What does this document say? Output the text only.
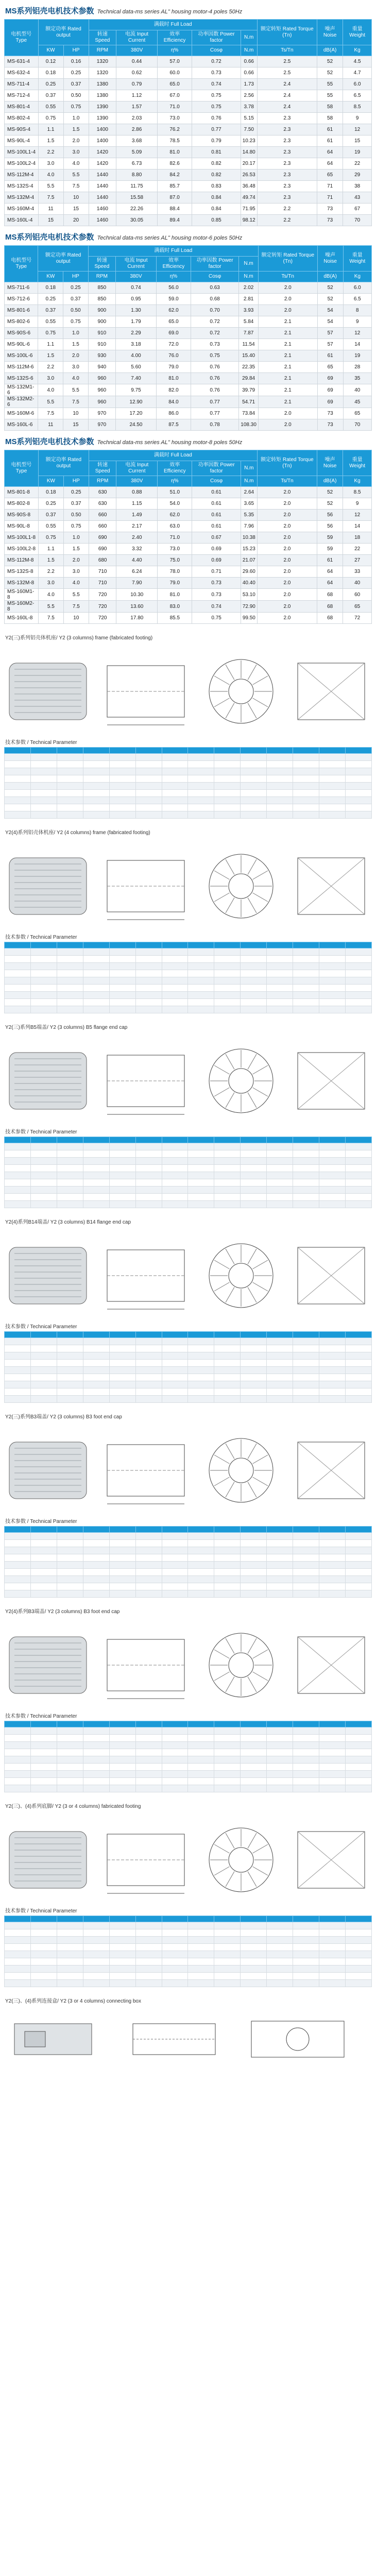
MS系列铝壳电机技术参数 Technical data-ms series AL" housing motor-4 poles 50Hz
电机型号 Type	额定功率 Rated output		满载时 Full Load					额定转矩 Rated Torque (Tn)	噪声 Noise	重量 Weight
			转速 Speed	电流 Input Current	效率 Efficiency	功率因数 Power factor	N.m			
	KW	HP	RPM	380V	η%	Cosφ	N.m	Ts/Tn	dB(A)	Kg
MS-631-4	0.12	0.16	1320	0.44	57.0	0.72	0.66	2.5	52	4.5
MS-632-4	0.18	0.25	1320	0.62	60.0	0.73	0.66	2.5	52	4.7
MS-711-4	0.25	0.37	1380	0.79	65.0	0.74	1.73	2.4	55	6.0
MS-712-4	0.37	0.50	1380	1.12	67.0	0.75	2.56	2.4	55	6.5
MS-801-4	0.55	0.75	1390	1.57	71.0	0.75	3.78	2.4	58	8.5
MS-802-4	0.75	1.0	1390	2.03	73.0	0.76	5.15	2.3	58	9
MS-90S-4	1.1	1.5	1400	2.86	76.2	0.77	7.50	2.3	61	12
MS-90L-4	1.5	2.0	1400	3.68	78.5	0.79	10.23	2.3	61	15
MS-100L1-4	2.2	3.0	1420	5.09	81.0	0.81	14.80	2.3	64	19
MS-100L2-4	3.0	4.0	1420	6.73	82.6	0.82	20.17	2.3	64	22
MS-112M-4	4.0	5.5	1440	8.80	84.2	0.82	26.53	2.3	65	29
MS-132S-4	5.5	7.5	1440	11.75	85.7	0.83	36.48	2.3	71	38
MS-132M-4	7.5	10	1440	15.58	87.0	0.84	49.74	2.3	71	43
MS-160M-4	11	15	1460	22.26	88.4	0.84	71.95	2.2	73	67
MS-160L-4	15	20	1460	30.05	89.4	0.85	98.12	2.2	73	70
MS系列铝壳电机技术参数 Technical data-ms series AL" housing motor-6 poles 50Hz
电机型号 Type	额定功率 Rated output		满载时 Full Load					额定转矩 Rated Torque (Tn)	噪声 Noise	重量 Weight
			转速 Speed	电流 Input Current	效率 Efficiency	功率因数 Power factor	N.m			
	KW	HP	RPM	380V	η%	Cosφ	N.m	Ts/Tn	dB(A)	Kg
MS-711-6	0.18	0.25	850	0.74	56.0	0.63	2.02	2.0	52	6.0
MS-712-6	0.25	0.37	850	0.95	59.0	0.68	2.81	2.0	52	6.5
MS-801-6	0.37	0.50	900	1.30	62.0	0.70	3.93	2.0	54	8
MS-802-6	0.55	0.75	900	1.79	65.0	0.72	5.84	2.1	54	9
MS-90S-6	0.75	1.0	910	2.29	69.0	0.72	7.87	2.1	57	12
MS-90L-6	1.1	1.5	910	3.18	72.0	0.73	11.54	2.1	57	14
MS-100L-6	1.5	2.0	930	4.00	76.0	0.75	15.40	2.1	61	19
MS-112M-6	2.2	3.0	940	5.60	79.0	0.76	22.35	2.1	65	28
MS-132S-6	3.0	4.0	960	7.40	81.0	0.76	29.84	2.1	69	35
MS-132M1-6	4.0	5.5	960	9.75	82.0	0.76	39.79	2.1	69	40
MS-132M2-6	5.5	7.5	960	12.90	84.0	0.77	54.71	2.1	69	45
MS-160M-6	7.5	10	970	17.20	86.0	0.77	73.84	2.0	73	65
MS-160L-6	11	15	970	24.50	87.5	0.78	108.30	2.0	73	70
MS系列铝壳电机技术参数 Technical data-ms series AL" housing motor-8 poles 50Hz
电机型号 Type	额定功率 Rated output		满载时 Full Load					额定转矩 Rated Torque (Tn)	噪声 Noise	重量 Weight
			转速 Speed	电流 Input Current	效率 Efficiency	功率因数 Power factor	N.m			
	KW	HP	RPM	380V	η%	Cosφ	N.m	Ts/Tn	dB(A)	Kg
MS-801-8	0.18	0.25	630	0.88	51.0	0.61	2.64	2.0	52	8.5
MS-802-8	0.25	0.37	630	1.15	54.0	0.61	3.65	2.0	52	9
MS-90S-8	0.37	0.50	660	1.49	62.0	0.61	5.35	2.0	56	12
MS-90L-8	0.55	0.75	660	2.17	63.0	0.61	7.96	2.0	56	14
MS-100L1-8	0.75	1.0	690	2.40	71.0	0.67	10.38	2.0	59	18
MS-100L2-8	1.1	1.5	690	3.32	73.0	0.69	15.23	2.0	59	22
MS-112M-8	1.5	2.0	680	4.40	75.0	0.69	21.07	2.0	61	27
MS-132S-8	2.2	3.0	710	6.24	78.0	0.71	29.60	2.0	64	33
MS-132M-8	3.0	4.0	710	7.90	79.0	0.73	40.40	2.0	64	40
MS-160M1-8	4.0	5.5	720	10.30	81.0	0.73	53.10	2.0	68	60
MS-160M2-8	5.5	7.5	720	13.60	83.0	0.74	72.90	2.0	68	65
MS-160L-8	7.5	10	720	17.80	85.5	0.75	99.50	2.0	68	72
Y2(三)系列铝壳体机座/ Y2 (3 columns) frame (fabricated footing)
技术参数 / Technical Parameter

Y2(4)系列铝壳体机座/ Y2 (4 columns) frame (fabricated footing)
技术参数 / Technical Parameter

Y2(三)系列B5端盖/ Y2 (3 columns) B5 flange end cap
技术参数 / Technical Parameter

Y2(4)系列B14端盖/ Y2 (3 columns) B14 flange end cap
技术参数 / Technical Parameter

Y2(三)系列B3端盖/ Y2 (3 columns) B3 foot end cap
技术参数 / Technical Parameter

Y2(4)系列B3端盖/ Y2 (3 columns) B3 foot end cap
技术参数 / Technical Parameter

Y2(三)、(4)系列底脚/ Y2 (3 or 4 columns) fabricated footing
技术参数 / Technical Parameter

Y2(三)、(4)系列连接盒/ Y2 (3 or 4 columns) connecting box
